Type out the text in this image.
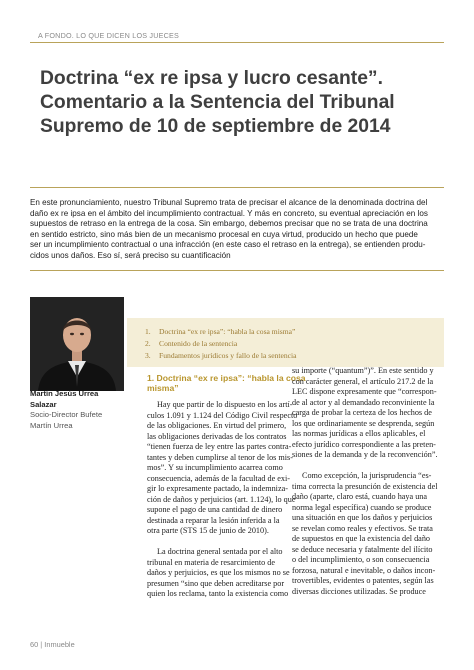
A FONDO. LO QUE DICEN LOS JUECES
Doctrina “ex re ipsa y lucro cesante”.
Comentario a la Sentencia del Tribunal
Supremo de 10 de septiembre de 2014
En este pronunciamiento, nuestro Tribunal Supremo trata de precisar el alcance de la denominada doctrina del
daño ex re ipsa en el ámbito del incumplimiento contractual. Y más en concreto, su eventual apreciación en los
supuestos de retraso en la entrega de la cosa. Sin embargo, debemos precisar que no se trata de una doctrina
en sentido estricto, sino más bien de un mecanismo procesal en cuya virtud, producido un hecho que puede
ser un incumplimiento contractual o una infracción (en este caso el retraso en la entrega), se entienden produ-
cidos unos daños. Eso sí, será preciso su cuantificación
Martín Jesús Urrea
Salazar
Socio-Director Bufete
Martín Urrea
1. Doctrina “ex re ipsa”: “habla la cosa misma”
2. Contenido de la sentencia
3. Fundamentos jurídicos y fallo de la sentencia
1. Doctrina “ex re ipsa”: “habla la cosa
misma”
Hay que partir de lo dispuesto en los artí-
culos 1.091 y 1.124 del Código Civil respecto
de las obligaciones. En virtud del primero,
las obligaciones derivadas de los contratos
“tienen fuerza de ley entre las partes contra-
tantes y deben cumplirse al tenor de los mis-
mos”. Y su incumplimiento acarrea como
consecuencia, además de la facultad de exi-
gir lo expresamente pactado, la indemniza-
ción de daños y perjuicios (art. 1.124), lo que
supone el pago de una cantidad de dinero
destinada a reparar la lesión inferida a la
otra parte (STS 15 de junio de 2010).
La doctrina general sentada por el alto
tribunal en materia de resarcimiento de
daños y perjuicios, es que los mismos no se
presumen “sino que deben acreditarse por
quien los reclama, tanto la existencia como
su importe (“quantum”)”. En este sentido y
con carácter general, el artículo 217.2 de la
LEC dispone expresamente que “correspon-
de al actor y al demandado reconviniente la
carga de probar la certeza de los hechos de
los que ordinariamente se desprenda, según
las normas jurídicas a ellos aplicables, el
efecto jurídico correspondiente a las preten-
siones de la demanda y de la reconvención”.
Como excepción, la jurisprudencia “es-
tima correcta la presunción de existencia del
daño (aparte, claro está, cuando haya una
norma legal específica) cuando se produce
una situación en que los daños y perjuicios
se revelan como reales y efectivos. Se trata
de supuestos en que la existencia del daño
se deduce necesaria y fatalmente del ilícito
o del incumplimiento, o son consecuencia
forzosa, natural e inevitable, o daños incon-
trovertibles, evidentes o patentes, según las
diversas dicciones utilizadas. Se produce
60 | Inmueble
